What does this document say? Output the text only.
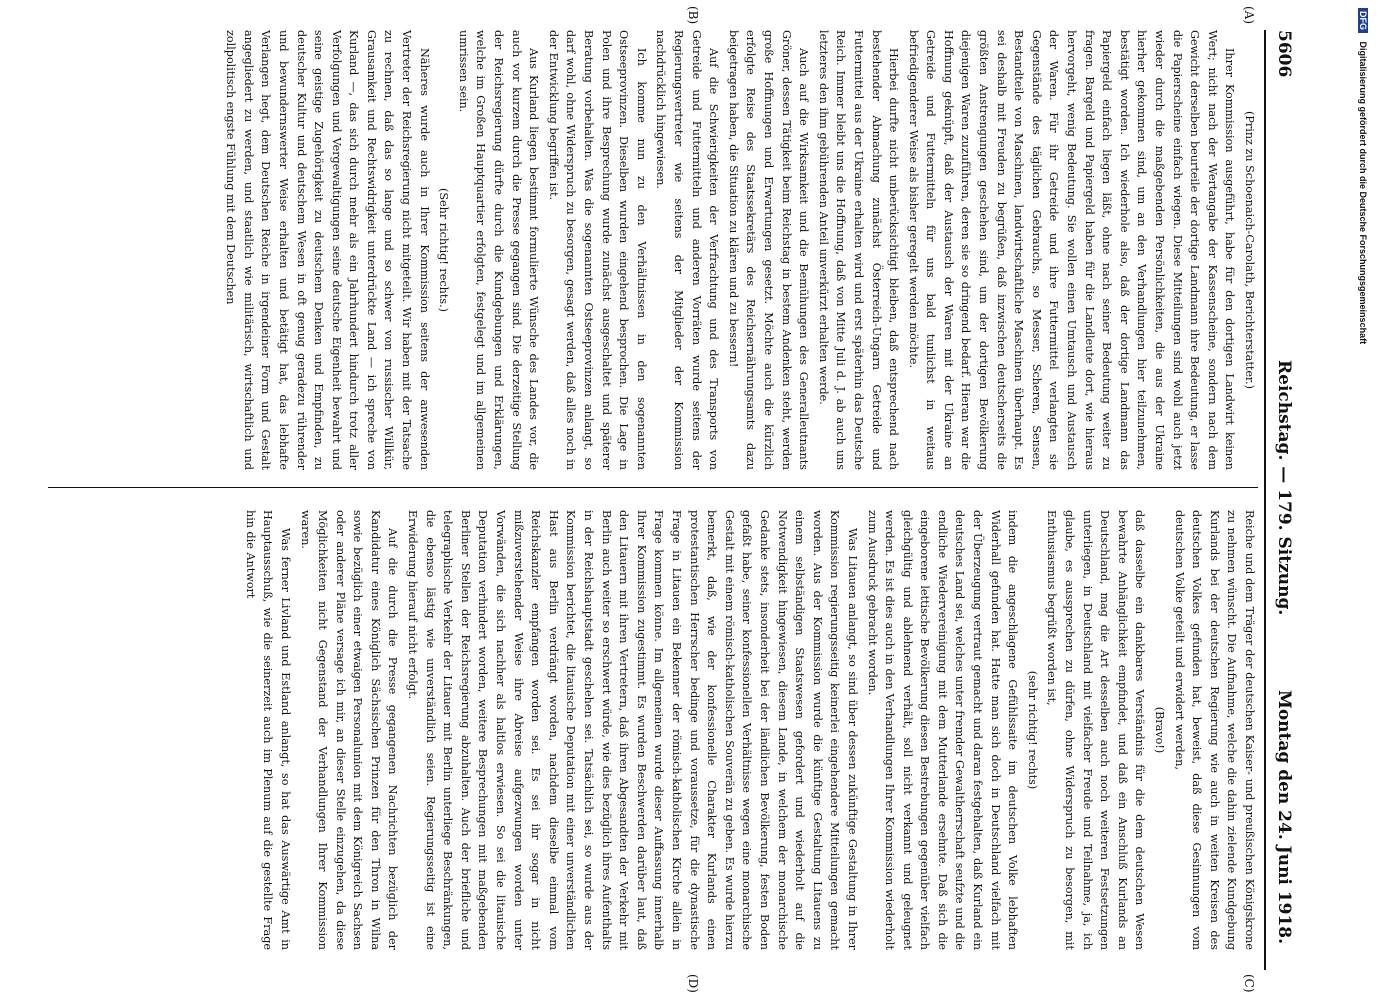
5606
Reichstag. — 179. Sitzung.
Montag den 24. Juni 1918.
(A)
(B)
(C)
(D)

(Prinz zu Schoenaich-Carolath, Berichterstatter.)

Ihrer Kommission ausgeführt, habe für den dortigen Landwirt keinen Wert; nicht nach der Wertangabe der Kassenscheine, sondern nach dem Gewicht derselben beurteile der dortige Landmann ihre Bedeutung, er lasse die Papierscheine einfach wiegen. Diese Mitteilungen sind wohl auch jetzt wieder durch die maßgebenden Persönlichkeiten, die aus der Ukraine hierher gekommen sind, um an den Verhandlungen hier teilzunehmen, bestätigt worden. Ich wiederhole also, daß der dortige Landmann das Papiergeld einfach liegen läßt, ohne nach seiner Bedeutung weiter zu fragen. Bargeld und Papiergeld haben für die Landleute dort, wie hieraus hervorgeht, wenig Bedeutung. Sie wollen einen Umtausch und Austausch der Waren. Für ihr Getreide und ihre Futtermittel verlangten sie Gegenstände des täglichen Gebrauchs, so Messer, Scheren, Sensen, Bestandteile von Maschinen, landwirtschaftliche Maschinen überhaupt. Es sei deshalb mit Freuden zu begrüßen, daß inzwischen deutscherseits die größten Anstrengungen geschehen sind, um der dortigen Bevölkerung diejenigen Waren zuzuführen, deren sie so dringend bedarf. Hieran war die Hoffnung geknüpft, daß der Austausch der Waren mit der Ukraine an Getreide und Futtermitteln für uns bald tunlichst in weitaus befriedigenderer Weise als bisher geregelt werden möchte.

Hierbei durfte nicht unberücksichtigt bleiben, daß entsprechend nach bestehender Abmachung zunächst Österreich-Ungarn Getreide und Futtermittel aus der Ukraine erhalten wird und erst späterhin das Deutsche Reich. Immer bleibt uns die Hoffnung, daß von Mitte Juli d. J. ab auch uns letzteres den ihm gebührenden Anteil unverkürzt erhalten werde.

Auch auf die Wirksamkeit und die Bemühungen des Generalleutnants Gröner, dessen Tätigkeit beim Reichstag in bestem Andenken steht, werden große Hoffnungen und Erwartungen gesetzt. Möchte auch die kürzlich erfolgte Reise des Staatssekretärs des Reichsernährungsamts dazu beigetragen haben, die Situation zu klären und zu bessern!

Auf die Schwierigkeiten der Verfrachtung und des Transports von Getreide und Futtermitteln und anderen Vorräten wurde seitens der Regierungsvertreter wie seitens der Mitglieder der Kommission nachdrücklich hingewiesen.

Ich komme nun zu den Verhältnissen in den sogenannten Ostseeprovinzen. Dieselben wurden eingehend besprochen. Die Lage in Polen und ihre Besprechung wurde zunächst ausgeschaltet und späterer Beratung vorbehalten. Was die sogenannten Ostseeprovinzen anlangt, so darf wohl, ohne Widerspruch zu besorgen, gesagt werden, daß alles noch in der Entwicklung begriffen ist.

Aus Kurland liegen bestimmt formulierte Wünsche des Landes vor, die auch vor kurzem durch die Presse gegangen sind. Die derzeitige Stellung der Reichsregierung dürfte durch die Kundgebungen und Erklärungen, welche im Großen Hauptquartier erfolgten, festgelegt und im allgemeinen umrissen sein.

(Sehr richtig! rechts.)

Näheres wurde auch in Ihrer Kommission seitens der anwesenden Vertreter der Reichsregierung nicht mitgeteilt. Wir haben mit der Tatsache zu rechnen, daß das so lange und so schwer von russischer Willkür, Grausamkeit und Rechtswidrigkeit unterdrückte Land — ich spreche von Kurland —, das sich durch mehr als ein Jahrhundert hindurch trotz aller Verfolgungen und Vergewaltigungen seine deutsche Eigenheit bewahrt und seine geistige Zugehörigkeit zu deutschem Denken und Empfinden, zu deutscher Kultur und deutschem Wesen in oft genug geradezu rührender und bewundernswerter Weise erhalten und betätigt hat, das lebhafte Verlangen hegt, dem Deutschen Reiche in irgendeiner Form und Gestalt angegliedert zu werden, und staatlich wie militärisch, wirtschaftlich und zollpolitisch engste Fühlung mit dem Deutschen

Reiche und dem Träger der deutschen Kaiser- und preußischen Königskrone zu nehmen wünscht. Die Aufnahme, welche die dahin zielende Kundgebung Kurlands bei der deutschen Regierung wie auch in weiten Kreisen des deutschen Volkes gefunden hat, beweist, daß diese Gesinnungen vom deutschen Volke geteilt und erwidert werden,

(Bravo!)

daß dasselbe ein dankbares Verständnis für die dem deutschen Wesen bewahrte Anhänglichkeit empfindet, und daß ein Anschluß Kurlands an Deutschland, mag die Art desselben auch noch weiteren Festsetzungen unterliegen, in Deutschland mit vielfacher Freude und Teilnahme, ja, ich glaube, es aussprechen zu dürfen, ohne Widerspruch zu besorgen, mit Enthusiasmus begrüßt worden ist,

(sehr richtig! rechts)

indem die angeschlagene Gefühlssaite im deutschen Volke lebhaften Widerhall gefunden hat. Hatte man sich doch in Deutschland vielfach mit der Überzeugung vertraut gemacht und daran festgehalten, daß Kurland ein deutsches Land sei, welches unter fremder Gewaltherrschaft seufzte und die endliche Wiedervereinigung mit dem Mutterlande ersehnte. Daß sich die eingeborene lettische Bevölkerung diesen Bestrebungen gegenüber vielfach gleichgültig und ablehnend verhält, soll nicht verkannt und geleugnet werden. Es ist dies auch in den Verhandlungen Ihrer Kommission wiederholt zum Ausdruck gebracht worden.

Was Litauen anlangt, so sind über dessen zukünftige Gestaltung in Ihrer Kommission regierungsseitig keinerlei eingehendere Mitteilungen gemacht worden. Aus der Kommission wurde die künftige Gestaltung Litauens zu einem selbständigen Staatswesen gefordert und wiederholt auf die Notwendigkeit hingewiesen, diesem Lande, in welchem der monarchische Gedanke stets, insonderheit bei der ländlichen Bevölkerung, festen Boden gefaßt habe, seiner konfessionellen Verhältnisse wegen eine monarchische Gestalt mit einem römisch-katholischen Souverän zu geben. Es wurde hierzu bemerkt, daß, wie der konfessionelle Charakter Kurlands einen protestantischen Herrscher bedinge und voraussetze, für die dynastische Frage in Litauen ein Bekenner der römisch-katholischen Kirche allein in Frage kommen könne. Im allgemeinen wurde dieser Auffassung innerhalb Ihrer Kommission zugestimmt. Es wurden Beschwerden darüber laut, daß den Litauern mit ihren Vertretern, daß ihren Abgesandten der Verkehr mit Berlin auch weiter so erschwert würde, wie dies bezüglich ihres Aufenthalts in der Reichshauptstadt geschehen sei. Tatsächlich sei, so wurde aus der Kommission berichtet, die litauische Deputation mit einer unverständlichen Hast aus Berlin verdrängt worden, nachdem dieselbe einmal vom Reichskanzler empfangen worden sei. Es sei ihr sogar in nicht mißzuverstehender Weise ihre Abreise aufgezwungen worden unter Vorwänden, die sich nachher als haltlos erwiesen. So sei die litauische Deputation verhindert worden, weitere Besprechungen mit maßgebenden Berliner Stellen der Reichsregierung abzuhalten. Auch der briefliche und telegraphische Verkehr der Litauer mit Berlin unterliege Beschränkungen, die ebenso lästig wie unverständlich seien. Regierungsseitig ist eine Erwiderung hierauf nicht erfolgt.

Auf die durch die Presse gegangenen Nachrichten bezüglich der Kandidatur eines Königlich Sächsischen Prinzen für den Thron in Wilna sowie bezüglich einer etwaigen Personalunion mit dem Königreich Sachsen oder anderer Pläne versage ich mir, an dieser Stelle einzugehen, da diese Möglichkeiten nicht Gegenstand der Verhandlungen Ihrer Kommission waren.

Was ferner Livland und Estland anlangt, so hat das Auswärtige Amt in Hauptausschuß, wie die seinerzeit auch im Plenum auf die gestellte Frage hin die Antwort

DFG Digitalisierung gefördert durch die Deutsche Forschungsgemeinschaft
